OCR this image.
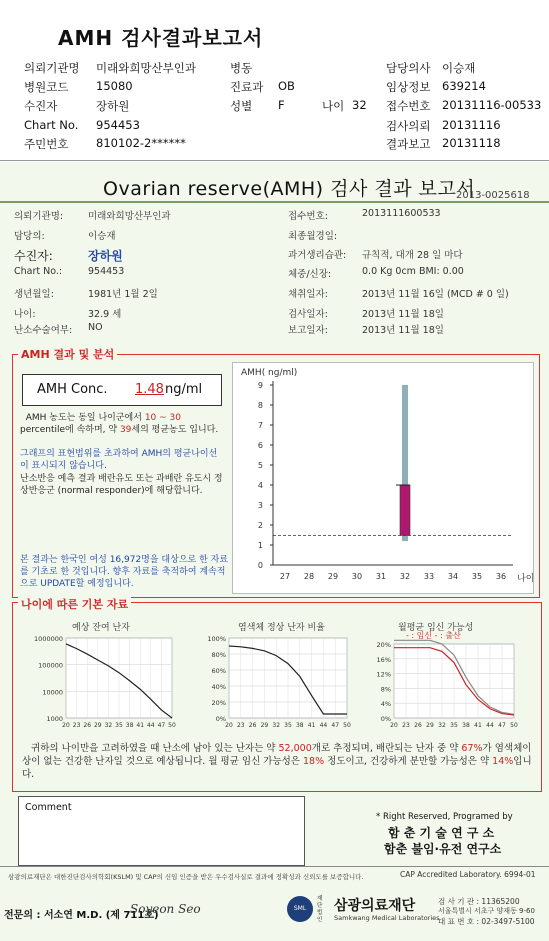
AMH 검사결과보고서
의뢰기관명 미래와희망산부인과	병동	담당의사 이승재
병원코드 15080	진료과 OB	임상정보 639214
수진자	장하원	성별 F	나이 32 접수번호 20131116-00533
Chart No. 954453	검사의뢰 20131116
주민번호 810102-2******	결과보고 20131118
Ovarian reserve(AMH) 검사 결과 보고서
2013-0025618
의뢰기관명:	미래와희망산부인과
담당의:	이승재
수진자:	장하원
Chart No.:	954453
생년월일:	1981년 1월 2일
나이:	32.9 세
난소수술여부: NO
접수번호:	2013111600533
최종월경일:
과거생리습관: 규칙적, 대개 28 일 마다
체중/신장:	0.0 Kg 0cm BMI: 0.00
채취일자:	2013년 11월 16일 (MCD # 0 일)
검사일자:	2013년 11월 18일
보고일자:	2013년 11월 18일
AMH 결과 및 분석
AMH Conc. 1.48 ng/ml
AMH 농도는 동일 나이군에서 10 ~ 30 percentile에 속하며, 약 39세의 평균농도 입니다.
그래프의 표현범위를 초과하여 AMH의 평균나이선이 표시되지 않습니다.
난소반응 예측 결과 배란유도 또는 과배란 유도시 정상반응군 (normal responder)에 해당합니다.
본 결과는 한국인 여성 16,972명을 대상으로 한 자료를 기초로 한 것입니다. 향후 자료를 축적하여 계속적으로 UPDATE할 예정입니다.
AMH( ng/ml)
0
1
2
3
4
5
6
7
8
9
27 28 29 30 31 32 33 34 35 36 나이
나이에 따른 기본 자료
예상 잔여 난자	염색체 정상 난자 비율	월평균 임신 가능성
- : 임신 - : 출산
1000000
100000
10000
1000
20 23 26 29 32 35 38 41 44 47 50
100%
80%
60%
40%
20%
0%
20 23 26 29 32 35 38 41 44 47 50
20%
16%
12%
8%
4%
0%
20 23 26 29 32 35 38 41 44 47 50
귀하의 나이만을 고려하였을 때 난소에 남아 있는 난자는 약 52,000개로 추정되며, 배란되는 난자 중 약 67%가 염색체이상이 없는 건강한 난자일 것으로 예상됩니다. 월 평균 임신 가능성은 18% 정도이고, 건강하게 분만할 가능성은 약 14%입니다.
Comment
* Right Reserved, Programed by
함 춘 기 술 연 구 소
함춘 불임·유전 연구소
삼광의료재단은 대한진단검사의학회(KSLM) 및 CAP의 신임 인증을 받은 우수검사실로 결과에 정확성과 신뢰도를 보증합니다.	CAP Accredited Laboratory. 6994-01
전문의 : 서소연 M.D. (제 711호)
Soyeon Seo	SML
재단법인
삼광의료재단
Samkwang Medical Laboratories
검 사 기 관 : 11365200
서울특별시 서초구 양재동 9-60
대 표 번 호 : 02-3497-5100
